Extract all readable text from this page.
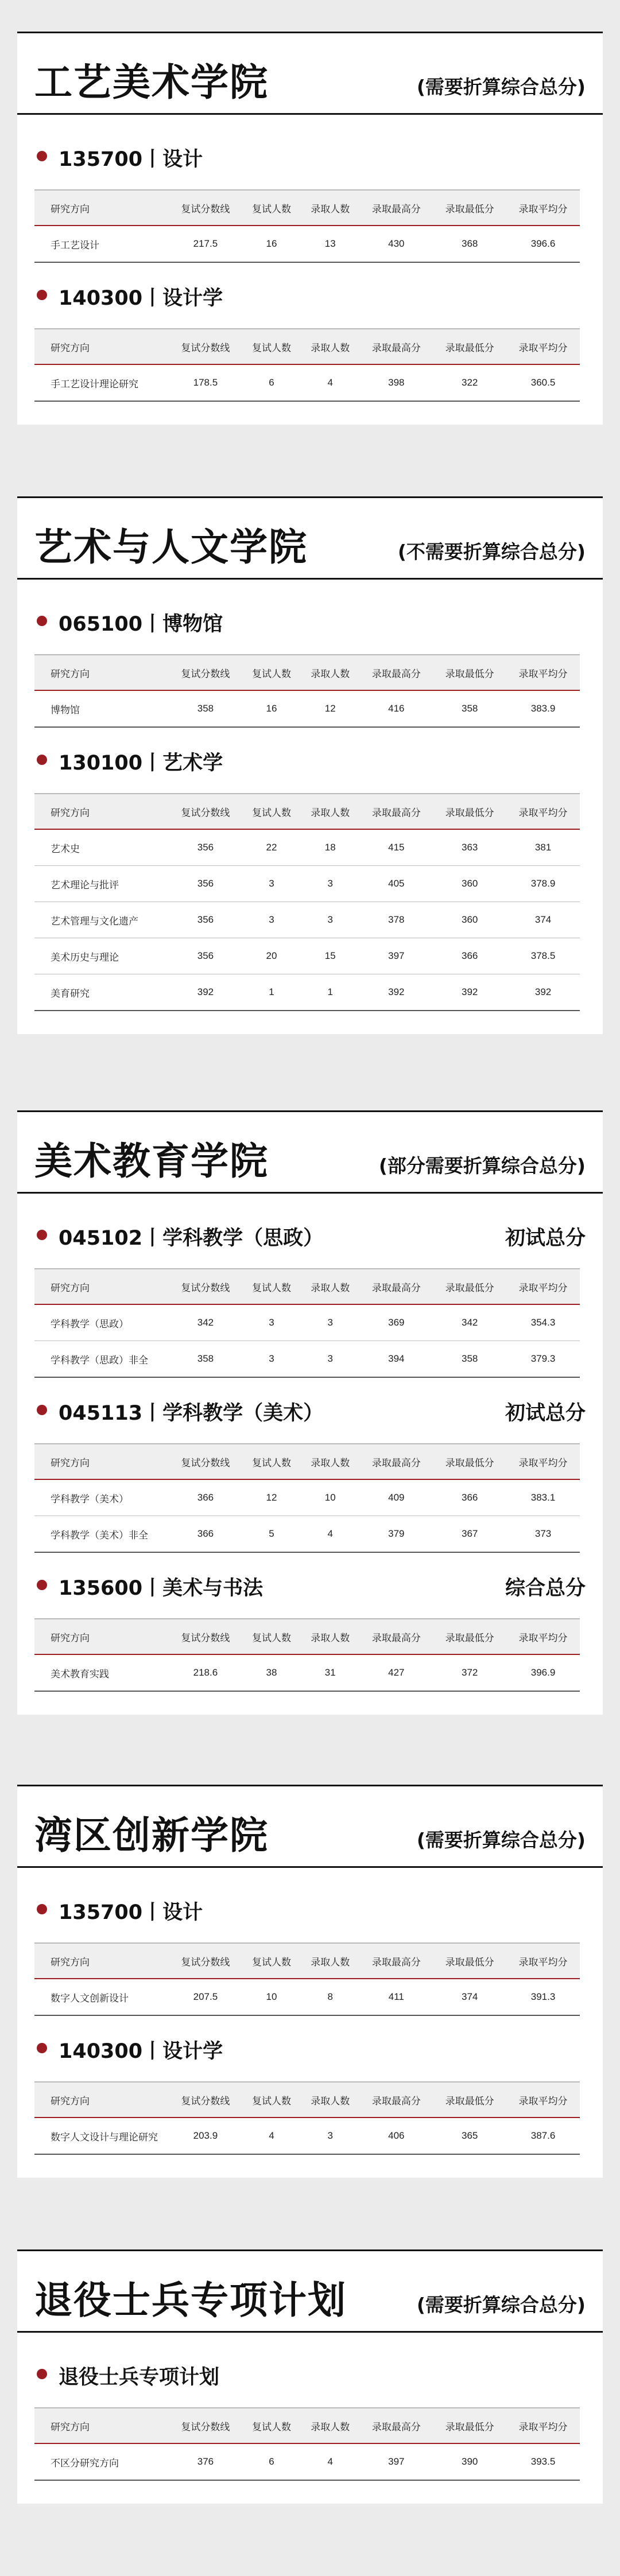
工艺美术学院	(需要折算综合总分)
135700丨设计
研究方向	复试分数线	复试人数	录取人数	录取最高分	录取最低分	录取平均分
手工艺设计	217.5	16	13	430	368	396.6
140300丨设计学
研究方向	复试分数线	复试人数	录取人数	录取最高分	录取最低分	录取平均分
手工艺设计理论研究	178.5	6	4	398	322	360.5
艺术与人文学院	(不需要折算综合总分)
065100丨博物馆
研究方向	复试分数线	复试人数	录取人数	录取最高分	录取最低分	录取平均分
博物馆	358	16	12	416	358	383.9
130100丨艺术学
研究方向	复试分数线	复试人数	录取人数	录取最高分	录取最低分	录取平均分
艺术史	356	22	18	415	363	381
艺术理论与批评	356	3	3	405	360	378.9
艺术管理与文化遗产	356	3	3	378	360	374
美术历史与理论	356	20	15	397	366	378.5
美育研究	392	1	1	392	392	392
美术教育学院	(部分需要折算综合总分)
045102丨学科教学（思政）	初试总分
研究方向	复试分数线	复试人数	录取人数	录取最高分	录取最低分	录取平均分
学科教学（思政）	342	3	3	369	342	354.3
学科教学（思政）非全	358	3	3	394	358	379.3
045113丨学科教学（美术）	初试总分
研究方向	复试分数线	复试人数	录取人数	录取最高分	录取最低分	录取平均分
学科教学（美术）	366	12	10	409	366	383.1
学科教学（美术）非全	366	5	4	379	367	373
135600丨美术与书法	综合总分
研究方向	复试分数线	复试人数	录取人数	录取最高分	录取最低分	录取平均分
美术教育实践	218.6	38	31	427	372	396.9
湾区创新学院	(需要折算综合总分)
135700丨设计
研究方向	复试分数线	复试人数	录取人数	录取最高分	录取最低分	录取平均分
数字人文创新设计	207.5	10	8	411	374	391.3
140300丨设计学
研究方向	复试分数线	复试人数	录取人数	录取最高分	录取最低分	录取平均分
数字人文设计与理论研究	203.9	4	3	406	365	387.6
退役士兵专项计划	(需要折算综合总分)
退役士兵专项计划
研究方向	复试分数线	复试人数	录取人数	录取最高分	录取最低分	录取平均分
不区分研究方向	376	6	4	397	390	393.5
